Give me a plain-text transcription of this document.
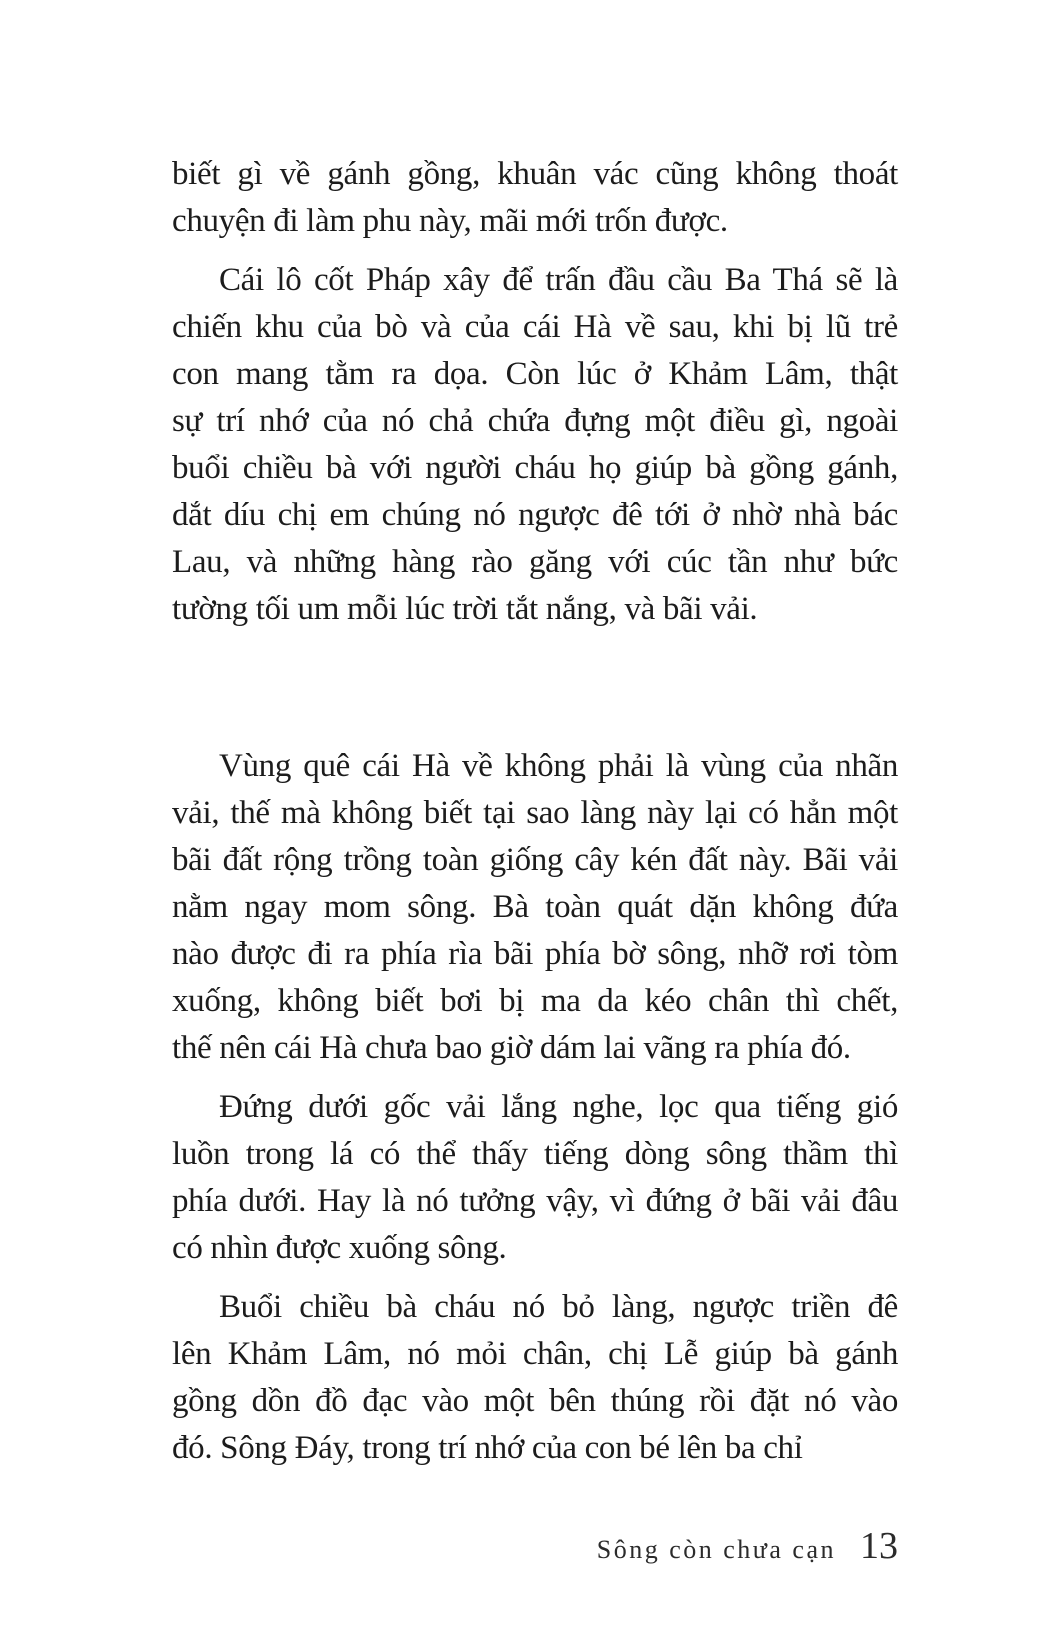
biết gì về gánh gồng, khuân vác cũng không thoát
chuyện đi làm phu này, mãi mới trốn được.
Cái lô cốt Pháp xây để trấn đầu cầu Ba Thá sẽ là
chiến khu của bò và của cái Hà về sau, khi bị lũ trẻ
con mang tằm ra dọa. Còn lúc ở Khảm Lâm, thật
sự trí nhớ của nó chả chứa đựng một điều gì, ngoài
buổi chiều bà với người cháu họ giúp bà gồng gánh,
dắt díu chị em chúng nó ngược đê tới ở nhờ nhà bác
Lau, và những hàng rào găng với cúc tần như bức
tường tối um mỗi lúc trời tắt nắng, và bãi vải.
Vùng quê cái Hà về không phải là vùng của nhãn
vải, thế mà không biết tại sao làng này lại có hẳn một
bãi đất rộng trồng toàn giống cây kén đất này. Bãi vải
nằm ngay mom sông. Bà toàn quát dặn không đứa
nào được đi ra phía rìa bãi phía bờ sông, nhỡ rơi tòm
xuống, không biết bơi bị ma da kéo chân thì chết,
thế nên cái Hà chưa bao giờ dám lai vãng ra phía đó.
Đứng dưới gốc vải lắng nghe, lọc qua tiếng gió
luồn trong lá có thể thấy tiếng dòng sông thầm thì
phía dưới. Hay là nó tưởng vậy, vì đứng ở bãi vải đâu
có nhìn được xuống sông.
Buổi chiều bà cháu nó bỏ làng, ngược triền đê
lên Khảm Lâm, nó mỏi chân, chị Lễ giúp bà gánh
gồng dồn đồ đạc vào một bên thúng rồi đặt nó vào
đó. Sông Đáy, trong trí nhớ của con bé lên ba chỉ
Sông còn chưa cạn 13
